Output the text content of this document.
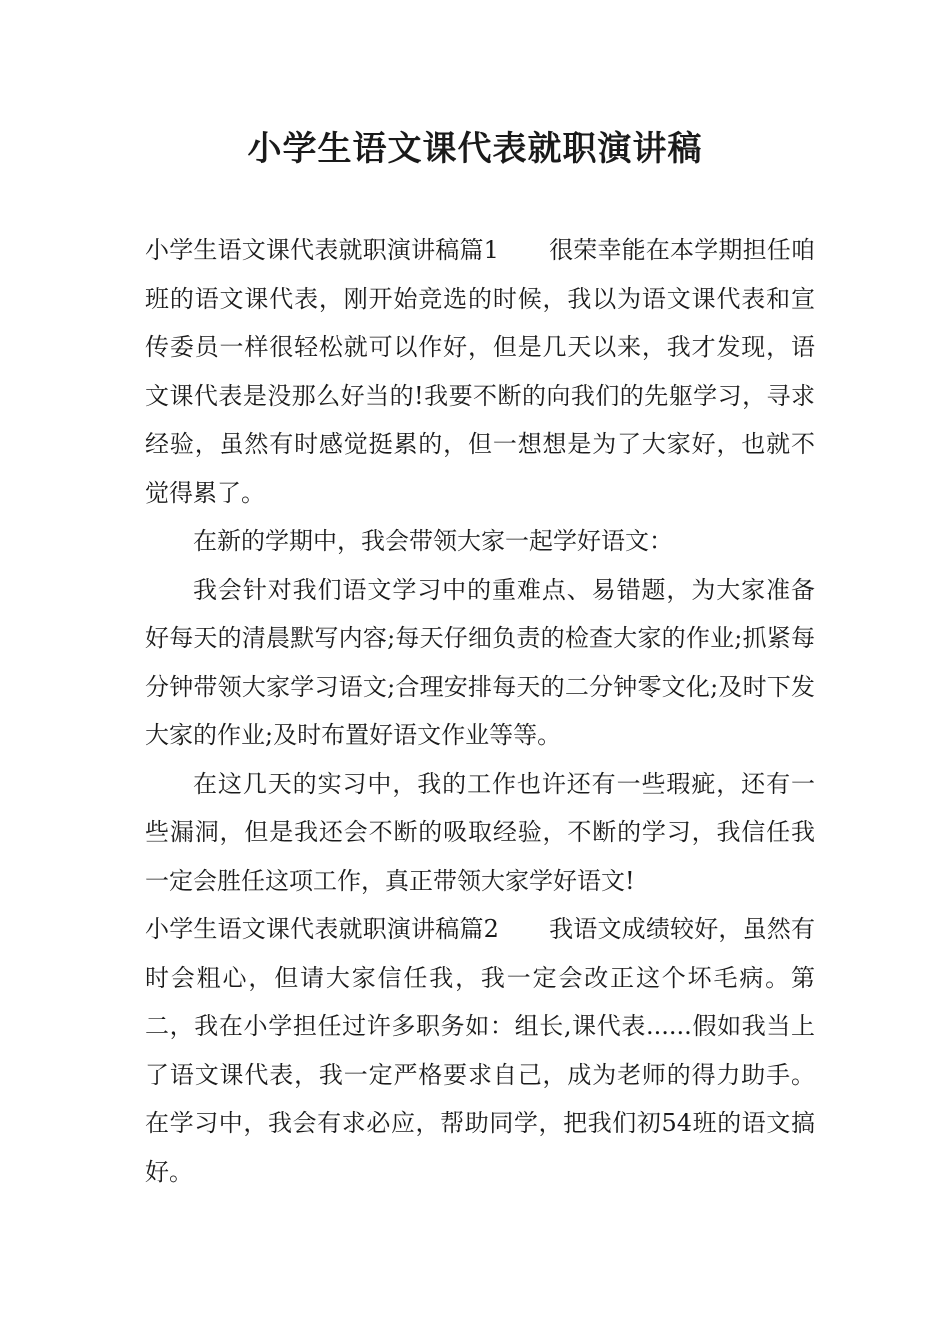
小学生语文课代表就职演讲稿

小学生语文课代表就职演讲稿篇1 很荣幸能在本学期担任咱班的语文课代表，刚开始竞选的时候，我以为语文课代表和宣传委员一样很轻松就可以作好，但是几天以来，我才发现，语文课代表是没那么好当的!我要不断的向我们的先躯学习，寻求经验，虽然有时感觉挺累的，但一想想是为了大家好，也就不觉得累了。

在新的学期中，我会带领大家一起学好语文：

我会针对我们语文学习中的重难点、易错题，为大家准备好每天的清晨默写内容;每天仔细负责的检查大家的作业;抓紧每分钟带领大家学习语文;合理安排每天的二分钟零文化;及时下发大家的作业;及时布置好语文作业等等。

在这几天的实习中，我的工作也许还有一些瑕疵，还有一些漏洞，但是我还会不断的吸取经验，不断的学习，我信任我一定会胜任这项工作，真正带领大家学好语文!

小学生语文课代表就职演讲稿篇2 我语文成绩较好，虽然有时会粗心，但请大家信任我，我一定会改正这个坏毛病。第二，我在小学担任过许多职务如：组长,课代表......假如我当上了语文课代表，我一定严格要求自己，成为老师的得力助手。在学习中，我会有求必应，帮助同学，把我们初54班的语文搞好。
